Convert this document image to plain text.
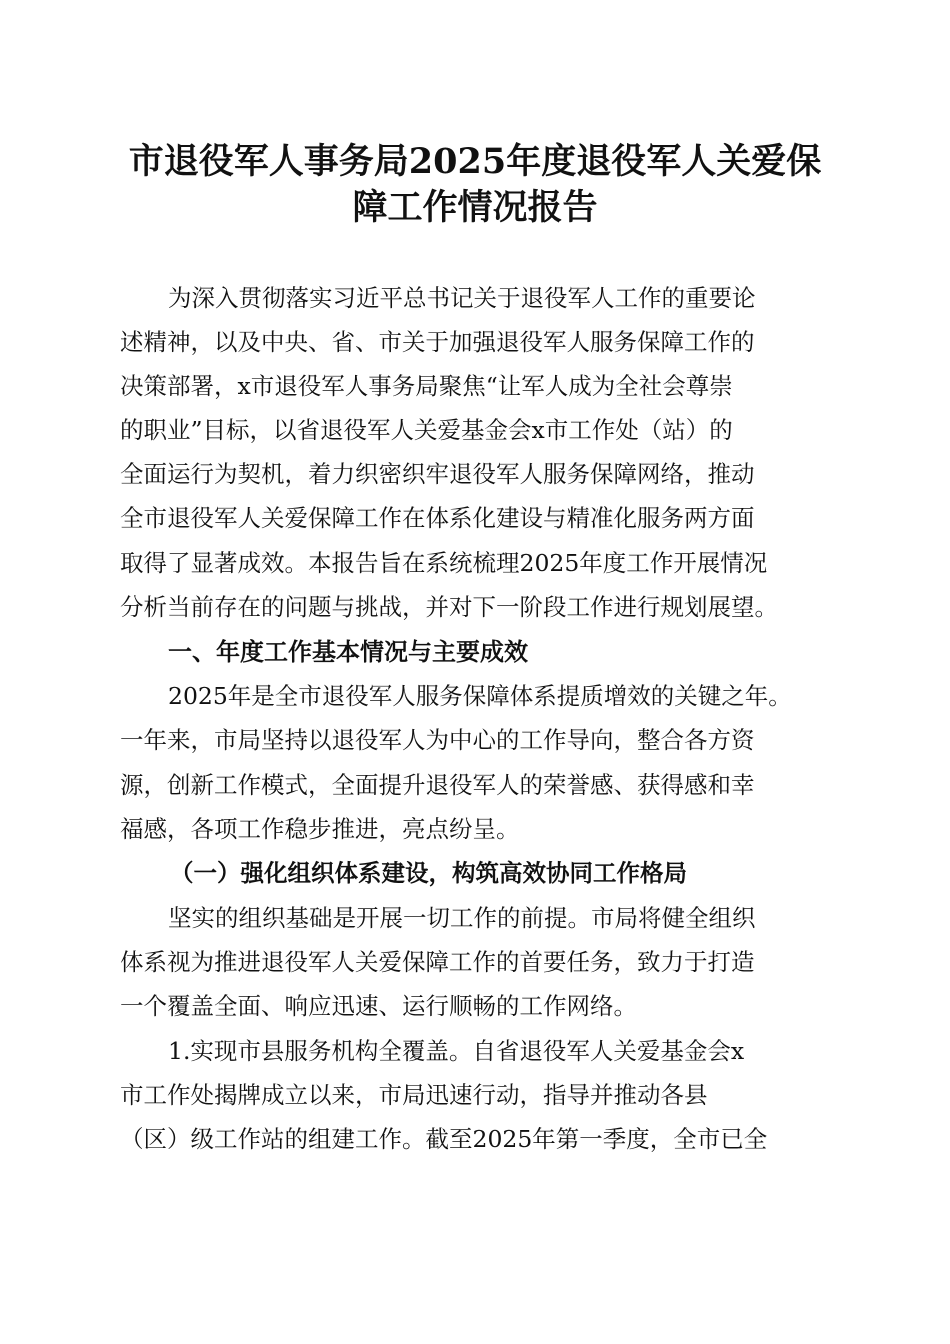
市退役军人事务局2025年度退役军人关爱保
障工作情况报告
为深入贯彻落实习近平总书记关于退役军人工作的重要论
述精神，以及中央、省、市关于加强退役军人服务保障工作的
决策部署，x市退役军人事务局聚焦“让军人成为全社会尊崇
的职业”目标，以省退役军人关爱基金会x市工作处（站）的
全面运行为契机，着力织密织牢退役军人服务保障网络，推动
全市退役军人关爱保障工作在体系化建设与精准化服务两方面
取得了显著成效。本报告旨在系统梳理2025年度工作开展情况
分析当前存在的问题与挑战，并对下一阶段工作进行规划展望。
一、年度工作基本情况与主要成效
2025年是全市退役军人服务保障体系提质增效的关键之年。
一年来，市局坚持以退役军人为中心的工作导向，整合各方资
源，创新工作模式，全面提升退役军人的荣誉感、获得感和幸
福感，各项工作稳步推进，亮点纷呈。
（一）强化组织体系建设，构筑高效协同工作格局
坚实的组织基础是开展一切工作的前提。市局将健全组织
体系视为推进退役军人关爱保障工作的首要任务，致力于打造
一个覆盖全面、响应迅速、运行顺畅的工作网络。
1.实现市县服务机构全覆盖。自省退役军人关爱基金会x
市工作处揭牌成立以来，市局迅速行动，指导并推动各县
（区）级工作站的组建工作。截至2025年第一季度，全市已全
